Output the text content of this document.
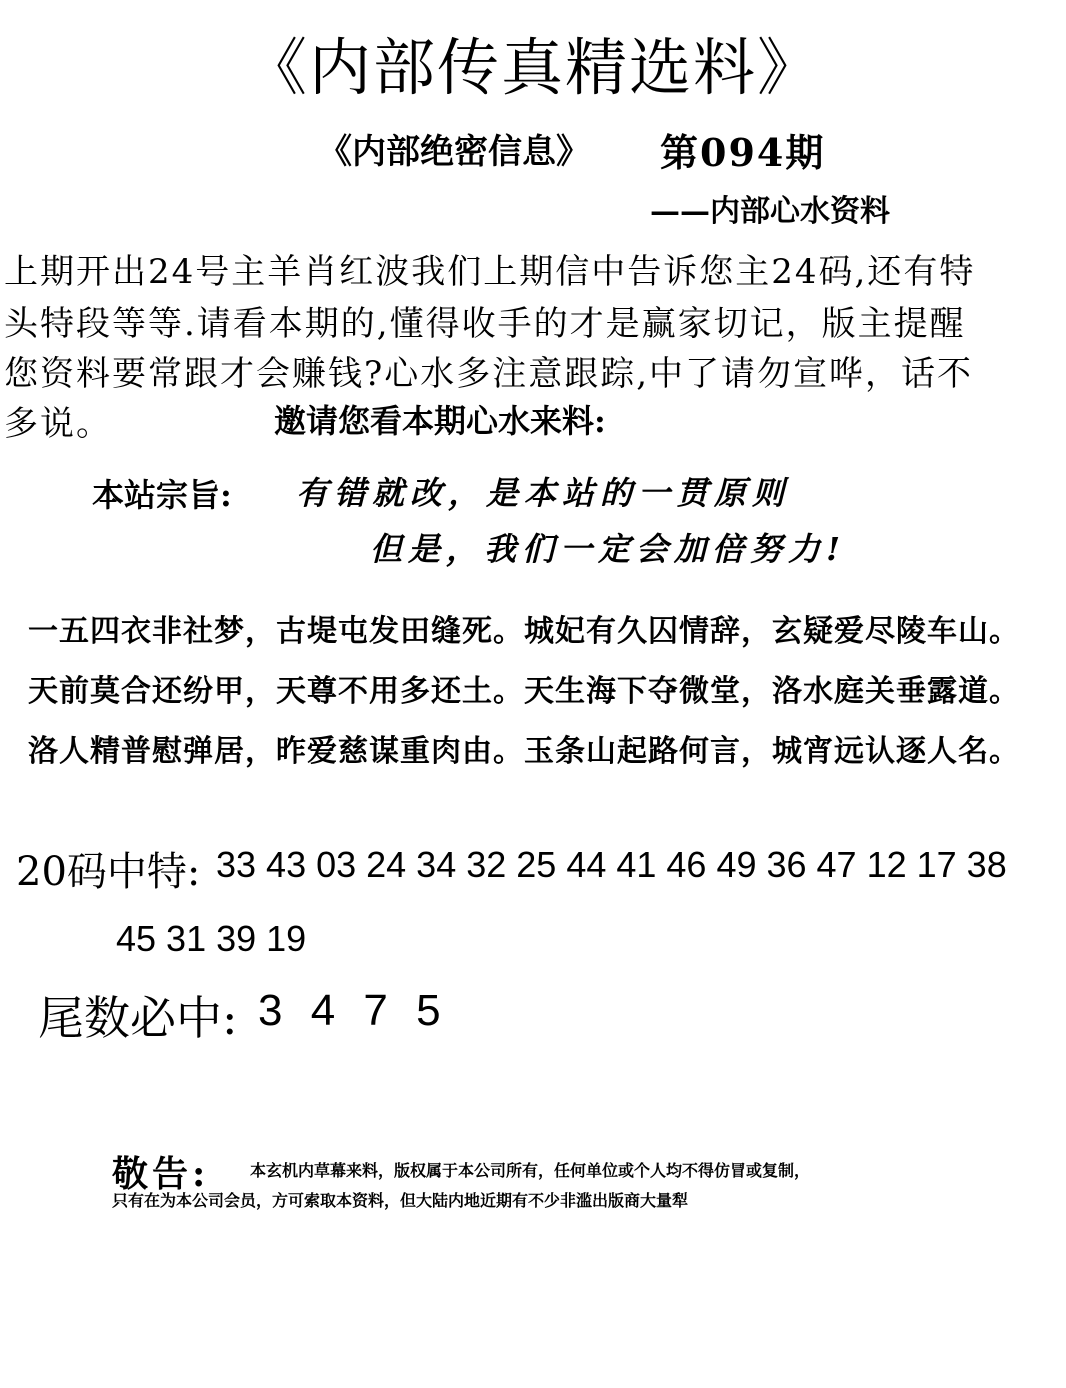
《内部传真精选料》
《内部绝密信息》 第094期
——内部心水资料
上期开出24号主羊肖红波我们上期信中告诉您主24码,还有特
头特段等等.请看本期的,懂得收手的才是赢家切记，版主提醒
您资料要常跟才会赚钱?心水多注意跟踪,中了请勿宣哗，话不
多说。	邀请您看本期心水来料:
本站宗旨: 有错就改，是本站的一贯原则
但是，我们一定会加倍努力!
一五四衣非社梦，古堤屯发田缝死。城妃有久囚情辞，玄疑爱尽陵车山。
天前莫合还纷甲，天尊不用多还土。天生海下夺微堂，洛水庭关垂露道。
洛人精普慰弹居，昨爱慈谋重肉由。玉条山起路何言，城宵远认逐人名。
20码中特: 33 43 03 24 34 32 25 44 41 46 49 36 47 12 17 38
45 31 39 19
尾数必中: 3 4 7 5
敬告:	本玄机内草幕来料，版权属于本公司所有，任何单位或个人均不得仿冒或复制，
只有在为本公司会员，方可索取本资料，但大陆内地近期有不少非滥出版商大量犁
